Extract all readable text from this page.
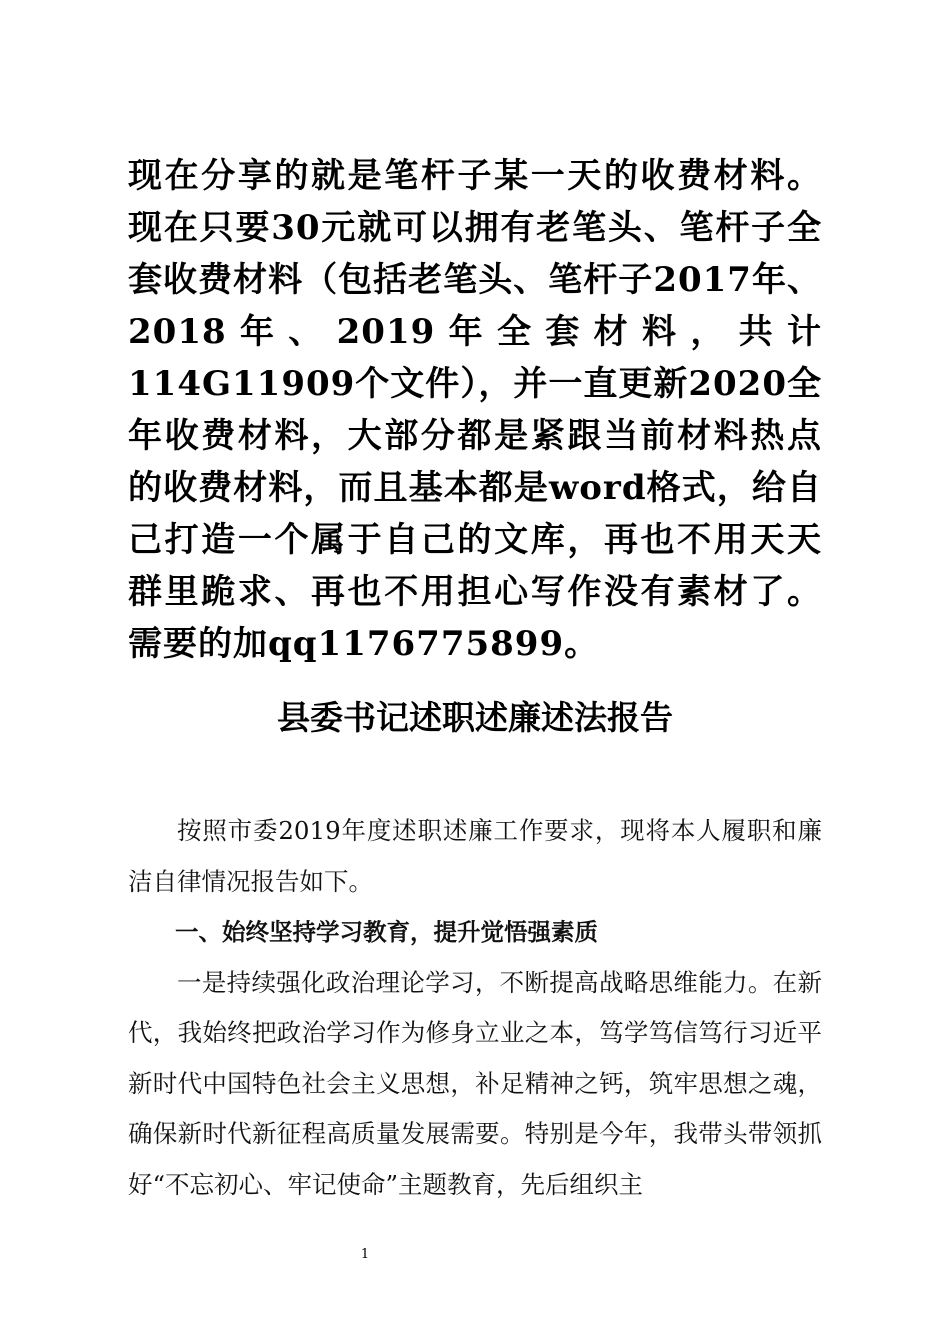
现在分享的就是笔杆子某一天的收费材料。现在只要30元就可以拥有老笔头、笔杆子全套收费材料（包括老笔头、笔杆子2017年、2018年、2019年全套材料，共计114G11909个文件），并一直更新2020全年收费材料，大部分都是紧跟当前材料热点的收费材料，而且基本都是word格式，给自己打造一个属于自己的文库，再也不用天天群里跪求、再也不用担心写作没有素材了。需要的加qq1176775899。
县委书记述职述廉述法报告

按照市委2019年度述职述廉工作要求，现将本人履职和廉洁自律情况报告如下。

一、始终坚持学习教育，提升觉悟强素质

一是持续强化政治理论学习，不断提高战略思维能力。在新代，我始终把政治学习作为修身立业之本，笃学笃信笃行习近平新时代中国特色社会主义思想，补足精神之钙，筑牢思想之魂， 确保新时代新征程高质量发展需要。特别是今年，我带头带领抓好“不忘初心、牢记使命”主题教育，先后组织主

1
